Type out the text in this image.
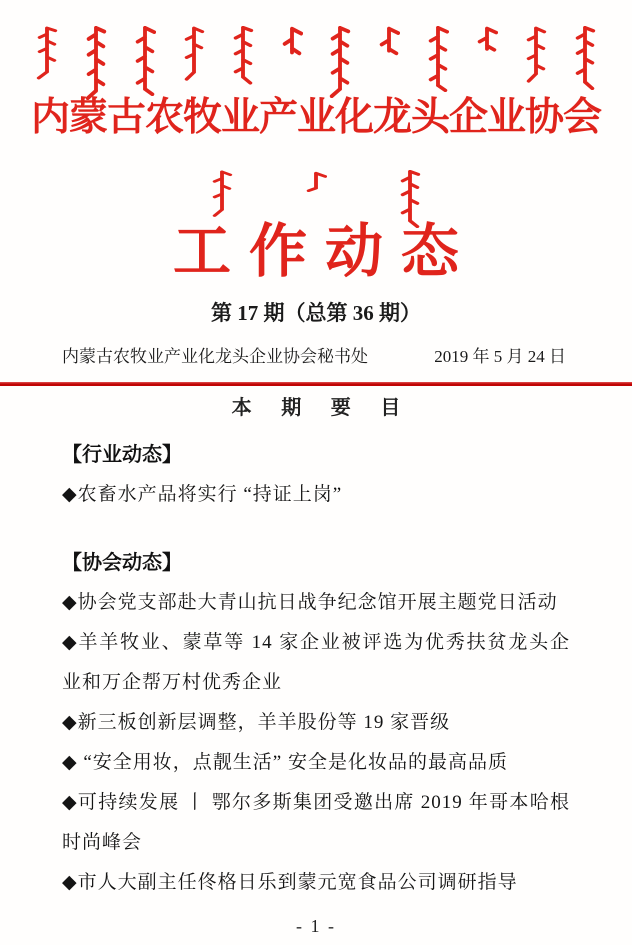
内蒙古农牧业产业化龙头企业协会
工作动态
第 17 期（总第 36 期）
内蒙古农牧业产业化龙头企业协会秘书处	2019 年 5 月 24 日
本 期 要 目
【行业动态】

◆农畜水产品将实行 “持证上岗”

【协会动态】

◆协会党支部赴大青山抗日战争纪念馆开展主题党日活动

◆羊羊牧业、蒙草等 14 家企业被评选为优秀扶贫龙头企业和万企帮万村优秀企业

◆新三板创新层调整，羊羊股份等 19 家晋级

◆ “安全用妆，点靓生活” 安全是化妆品的最高品质

◆可持续发展 丨 鄂尔多斯集团受邀出席 2019 年哥本哈根时尚峰会

◆市人大副主任佟格日乐到蒙元宽食品公司调研指导

- 1 -
